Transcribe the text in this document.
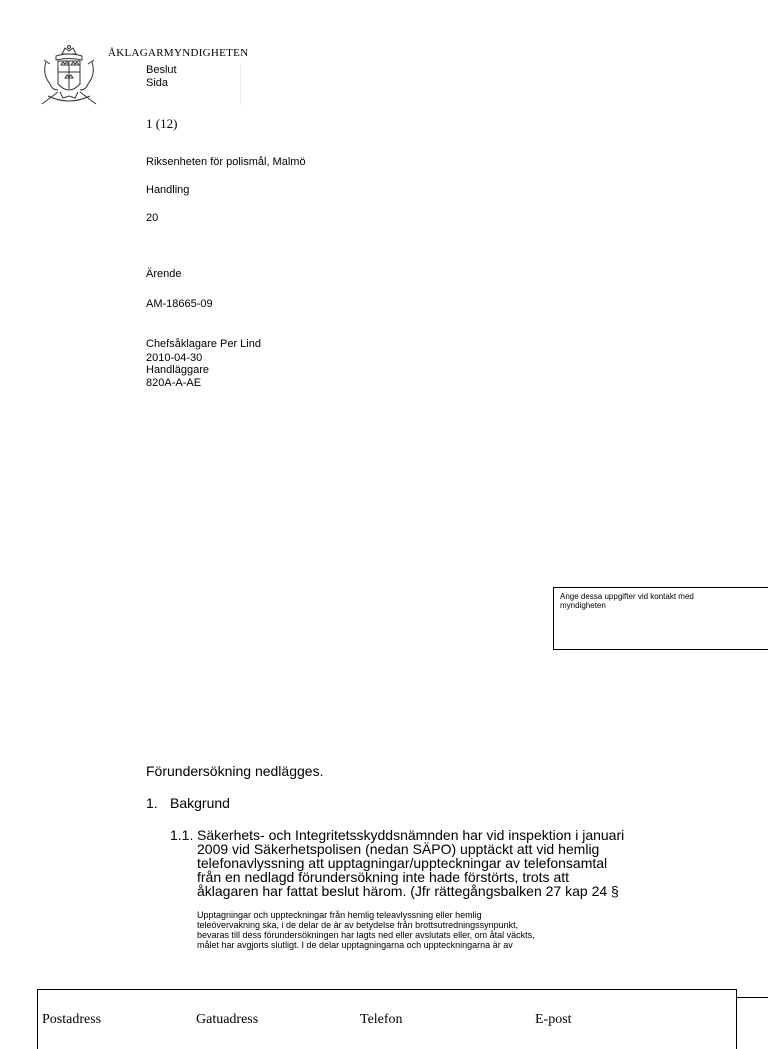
ÅKLAGARMYNDIGHETEN
Beslut
Sida
1 (12)
Riksenheten för polismål, Malmö
Handling
20
Ärende
AM-18665-09
Chefsåklagare Per Lind
2010-04-30
Handläggare
820A-A-AE
Ange dessa uppgifter vid kontakt med myndigheten
Förundersökning nedlägges.
1. Bakgrund
1.1. Säkerhets- och Integritetsskyddsnämnden har vid inspektion i januari
2009 vid Säkerhetspolisen (nedan SÄPO) upptäckt att vid hemlig
telefonavlyssning att upptagningar/uppteckningar av telefonsamtal
från en nedlagd förundersökning inte hade förstörts, trots att
åklagaren har fattat beslut härom. (Jfr rättegångsbalken 27 kap 24 §
Upptagningar och uppteckningar från hemlig teleavlyssning eller hemlig
teleövervakning ska, i de delar de är av betydelse från brottsutredningssynpunkt,
bevaras till dess förundersökningen har lagts ned eller avslutats eller, om åtal väckts,
målet har avgjorts slutligt. I de delar upptagningarna och uppteckningarna är av
Postadress	Gatuadress	Telefon	E-post
